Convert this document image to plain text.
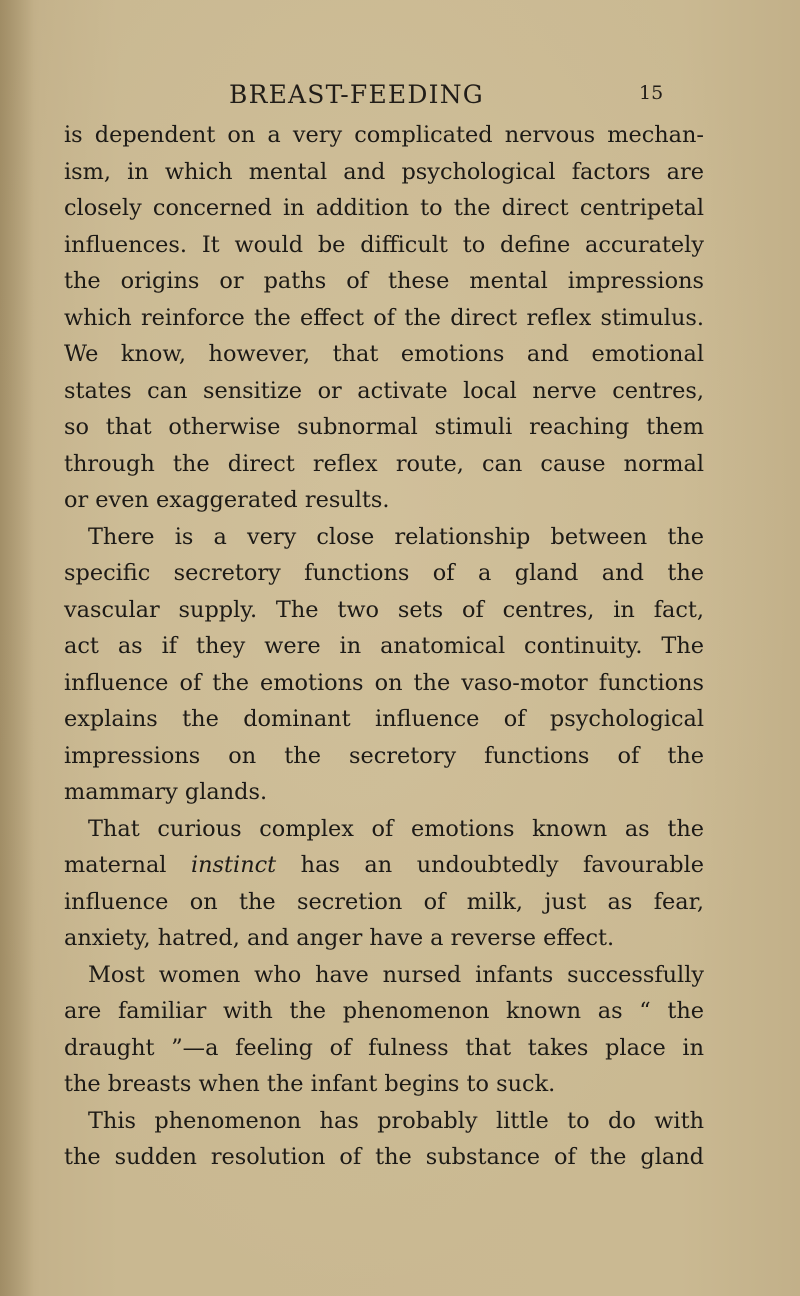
BREAST-FEEDING	15
is dependent on a very complicated nervous mechan-
ism, in which mental and psychological factors are
closely concerned in addition to the direct centripetal
influences. It would be difficult to define accurately
the origins or paths of these mental impressions
which reinforce the effect of the direct reflex stimulus.
We know, however, that emotions and emotional
states can sensitize or activate local nerve centres,
so that otherwise subnormal stimuli reaching them
through the direct reflex route, can cause normal
or even exaggerated results.
There is a very close relationship between the
specific secretory functions of a gland and the
vascular supply. The two sets of centres, in fact,
act as if they were in anatomical continuity. The
influence of the emotions on the vaso-motor functions
explains the dominant influence of psychological
impressions on the secretory functions of the
mammary glands.
That curious complex of emotions known as the
maternal instinct has an undoubtedly favourable
influence on the secretion of milk, just as fear,
anxiety, hatred, and anger have a reverse effect.
Most women who have nursed infants successfully
are familiar with the phenomenon known as “ the
draught ”—a feeling of fulness that takes place in
the breasts when the infant begins to suck.
This phenomenon has probably little to do with
the sudden resolution of the substance of the gland
